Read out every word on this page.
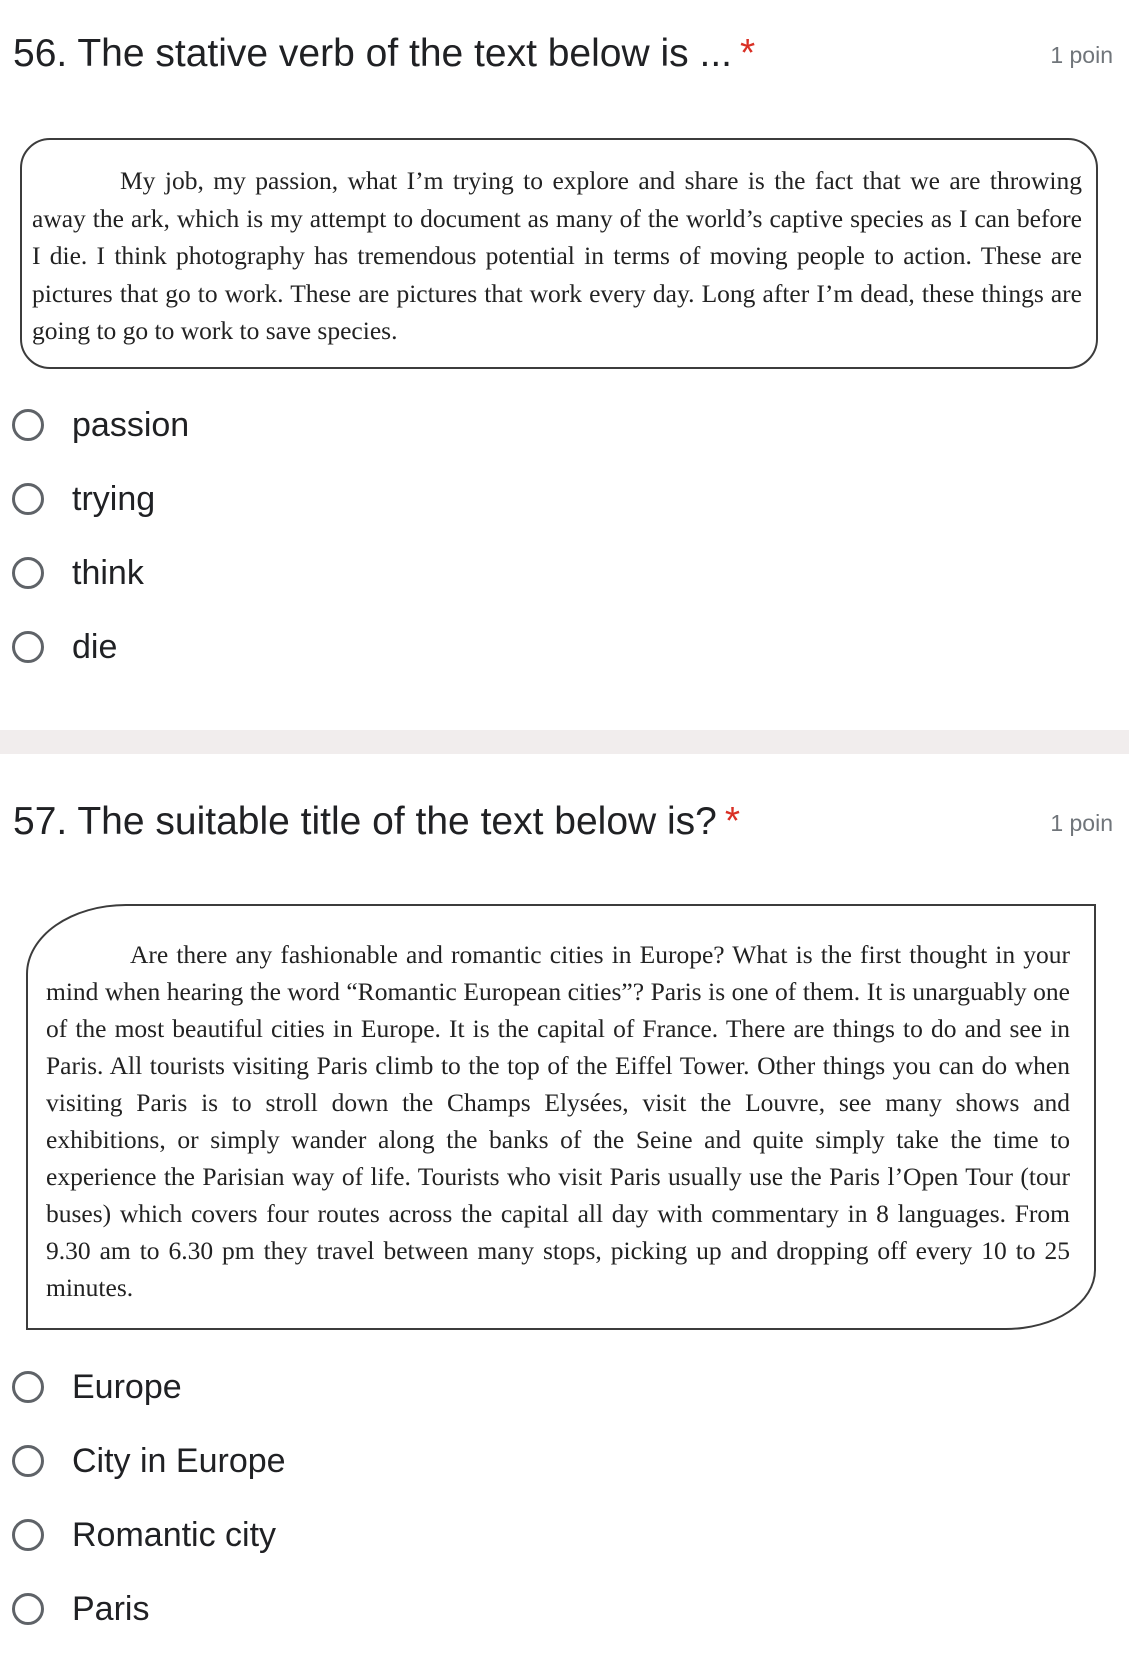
56. The stative verb of the text below is ... *	1 poin

My job, my passion, what I’m trying to explore and share is the fact that we are throwing away the ark, which is my attempt to document as many of the world’s captive species as I can before I die. I think photography has tremendous potential in terms of moving people to action. These are pictures that go to work. These are pictures that work every day. Long after I’m dead, these things are going to go to work to save species.

passion
trying
think
die
57. The suitable title of the text below is? *	1 poin

Are there any fashionable and romantic cities in Europe? What is the first thought in your mind when hearing the word “Romantic European cities”? Paris is one of them. It is unarguably one of the most beautiful cities in Europe. It is the capital of France. There are things to do and see in Paris. All tourists visiting Paris climb to the top of the Eiffel Tower. Other things you can do when visiting Paris is to stroll down the Champs Elysées, visit the Louvre, see many shows and exhibitions, or simply wander along the banks of the Seine and quite simply take the time to experience the Parisian way of life. Tourists who visit Paris usually use the Paris l’Open Tour (tour buses) which covers four routes across the capital all day with commentary in 8 languages. From 9.30 am to 6.30 pm they travel between many stops, picking up and dropping off every 10 to 25 minutes.

Europe
City in Europe
Romantic city
Paris
